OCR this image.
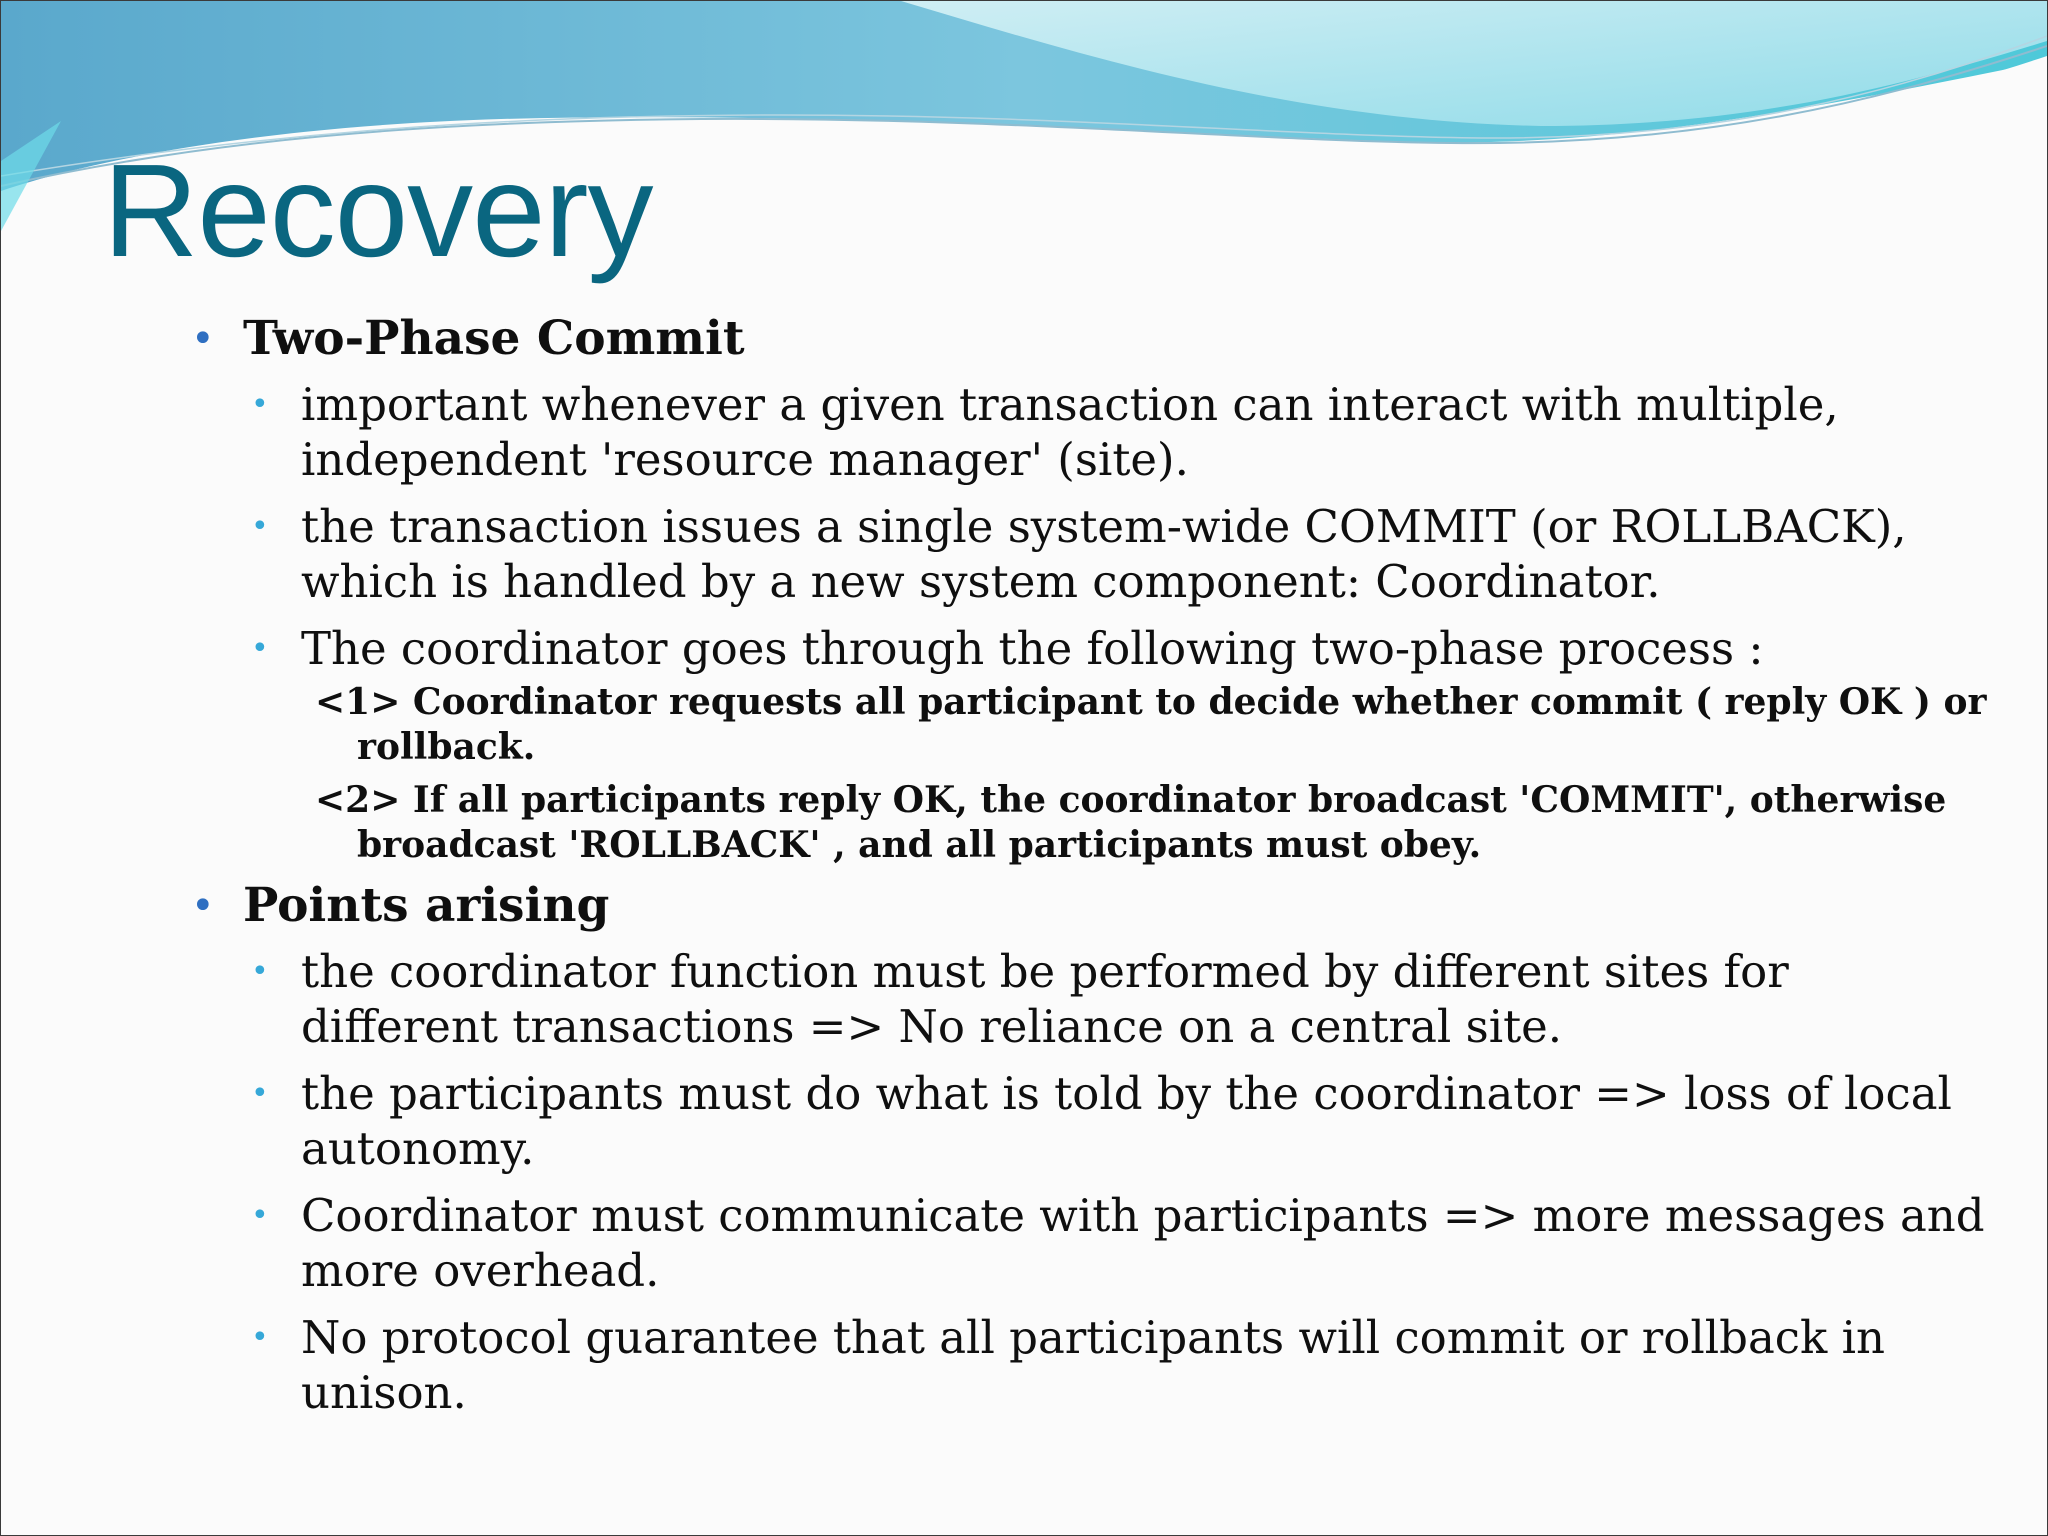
Recovery
• Two-Phase Commit
• important whenever a given transaction can interact with multiple, independent 'resource manager' (site).
• the transaction issues a single system-wide COMMIT (or ROLLBACK), which is handled by a new system component: Coordinator.
• The coordinator goes through the following two-phase process :
<1> Coordinator requests all participant to decide whether commit ( reply OK ) or rollback.
<2> If all participants reply OK, the coordinator broadcast 'COMMIT', otherwise broadcast 'ROLLBACK' , and all participants must obey.
• Points arising
• the coordinator function must be performed by different sites for different transactions => No reliance on a central site.
• the participants must do what is told by the coordinator => loss of local autonomy.
• Coordinator must communicate with participants => more messages and more overhead.
• No protocol guarantee that all participants will commit or rollback in unison.
